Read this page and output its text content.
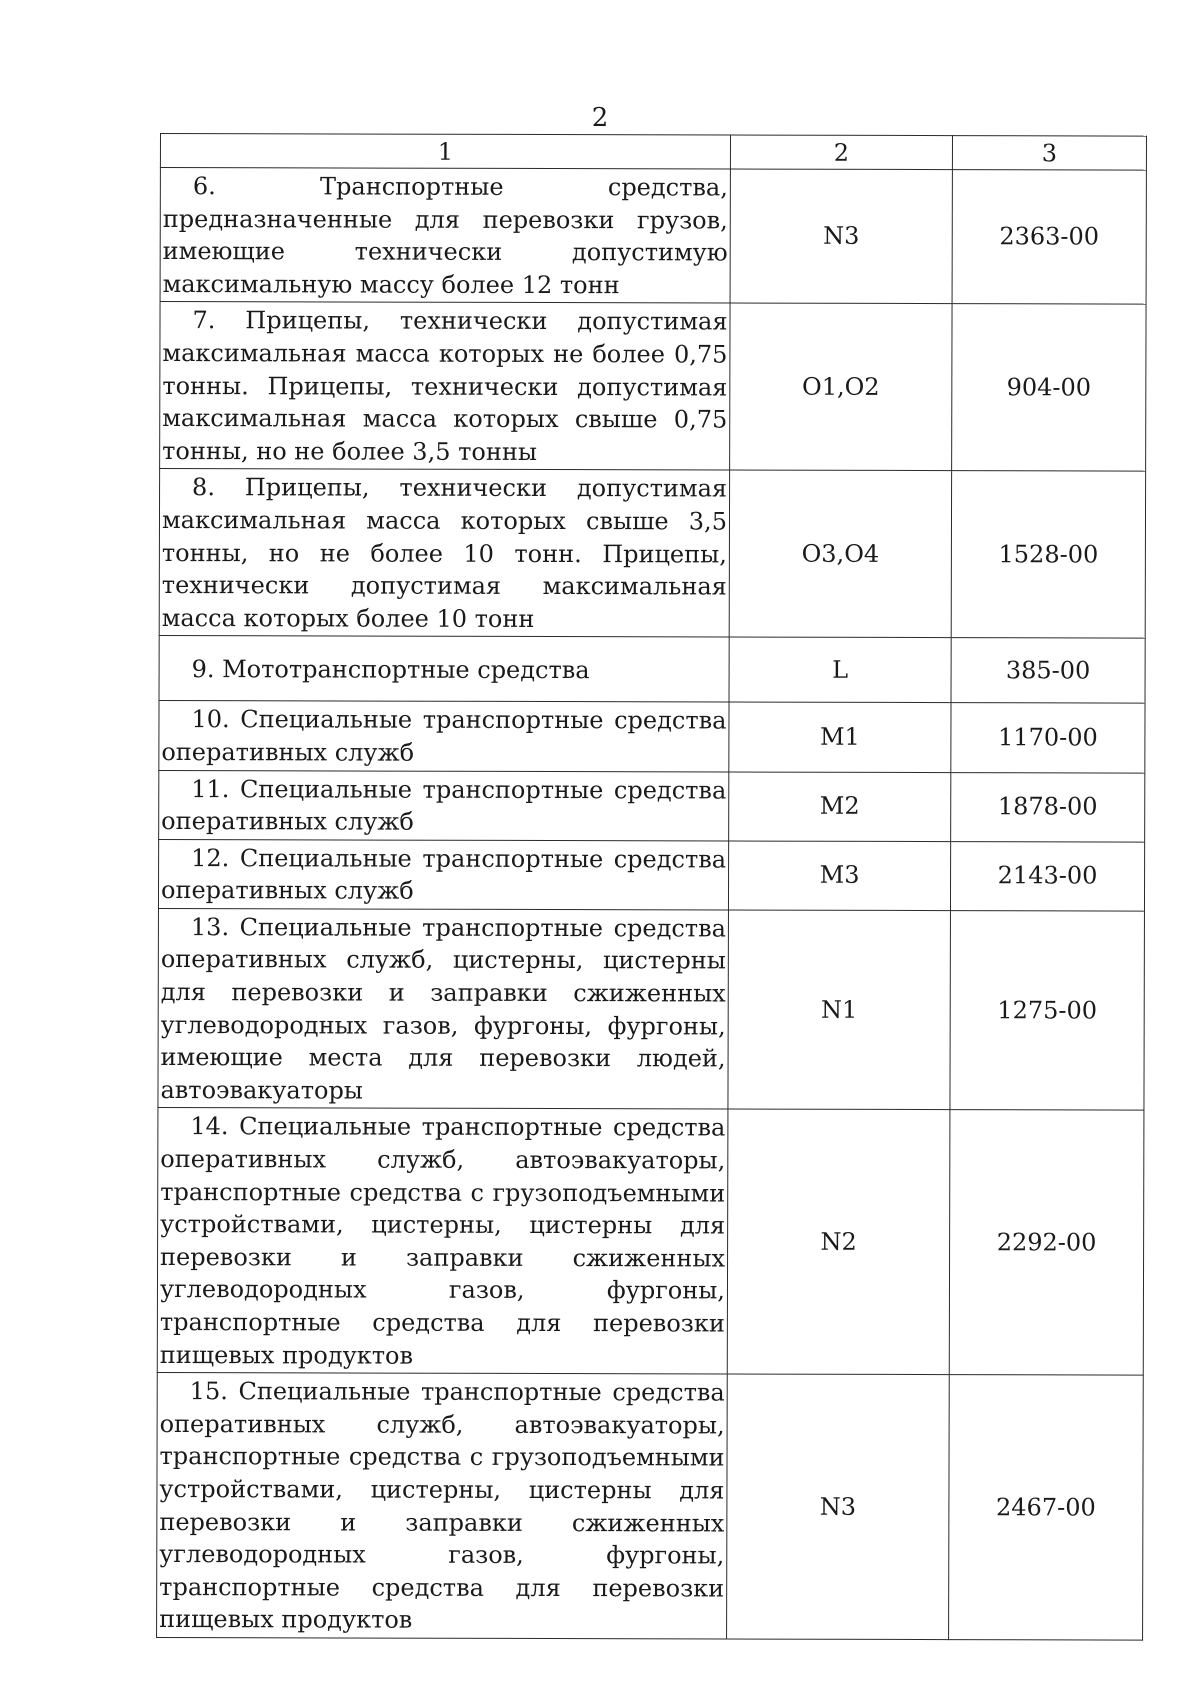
2
1	2	3

6. Транспортные средства, предназначенные для перевозки грузов, имеющие технически допустимую максимальную массу более 12 тонн	N3	2363-00

7. Прицепы, технически допустимая максимальная масса которых не более 0,75 тонны. Прицепы, технически допустимая максимальная масса которых свыше 0,75 тонны, но не более 3,5 тонны	O1,O2	904-00

8. Прицепы, технически допустимая максимальная масса которых свыше 3,5 тонны, но не более 10 тонн. Прицепы, технически допустимая максимальная масса которых более 10 тонн	O3,O4	1528-00

9. Мототранспортные средства	L	385-00

10. Специальные транспортные средства оперативных служб	M1	1170-00

11. Специальные транспортные средства оперативных служб	M2	1878-00

12. Специальные транспортные средства оперативных служб	M3	2143-00

13. Специальные транспортные средства оперативных служб, цистерны, цистерны для перевозки и заправки сжиженных углеводородных газов, фургоны, фургоны, имеющие места для перевозки людей, автоэвакуаторы	N1	1275-00

14. Специальные транспортные средства оперативных служб, автоэвакуаторы, транспортные средства с грузоподъемными устройствами, цистерны, цистерны для перевозки и заправки сжиженных углеводородных газов, фургоны, транспортные средства для перевозки пищевых продуктов	N2	2292-00

15. Специальные транспортные средства оперативных служб, автоэвакуаторы, транспортные средства с грузоподъемными устройствами, цистерны, цистерны для перевозки и заправки сжиженных углеводородных газов, фургоны, транспортные средства для перевозки пищевых продуктов	N3	2467-00
